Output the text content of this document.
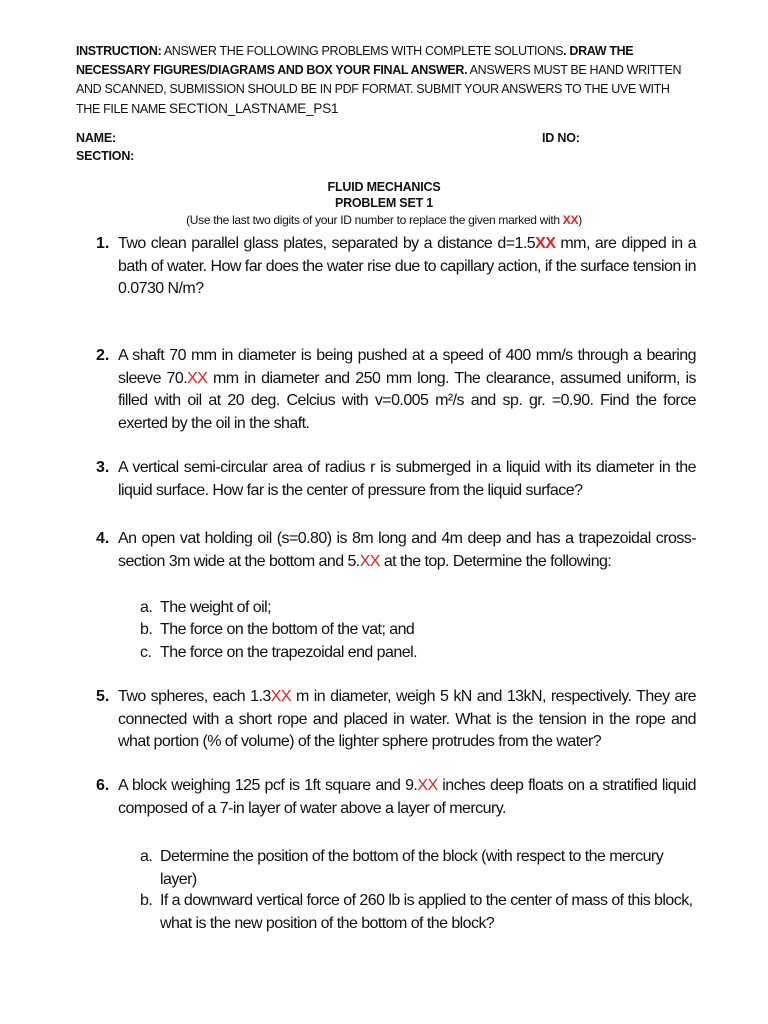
INSTRUCTION: ANSWER THE FOLLOWING PROBLEMS WITH COMPLETE SOLUTIONS. DRAW THE NECESSARY FIGURES/DIAGRAMS AND BOX YOUR FINAL ANSWER. ANSWERS MUST BE HAND WRITTEN AND SCANNED, SUBMISSION SHOULD BE IN PDF FORMAT. SUBMIT YOUR ANSWERS TO THE UVE WITH THE FILE NAME SECTION_LASTNAME_PS1
NAME:
SECTION:
ID NO:
FLUID MECHANICS
PROBLEM SET 1
(Use the last two digits of your ID number to replace the given marked with XX)
1. Two clean parallel glass plates, separated by a distance d=1.5XX mm, are dipped in a bath of water. How far does the water rise due to capillary action, if the surface tension in 0.0730 N/m?
2. A shaft 70 mm in diameter is being pushed at a speed of 400 mm/s through a bearing sleeve 70.XX mm in diameter and 250 mm long. The clearance, assumed uniform, is filled with oil at 20 deg. Celcius with v=0.005 m²/s and sp. gr. =0.90. Find the force exerted by the oil in the shaft.
3. A vertical semi-circular area of radius r is submerged in a liquid with its diameter in the liquid surface. How far is the center of pressure from the liquid surface?
4. An open vat holding oil (s=0.80) is 8m long and 4m deep and has a trapezoidal cross-section 3m wide at the bottom and 5.XX at the top. Determine the following:
a. The weight of oil;
b. The force on the bottom of the vat; and
c. The force on the trapezoidal end panel.
5. Two spheres, each 1.3XX m in diameter, weigh 5 kN and 13kN, respectively. They are connected with a short rope and placed in water. What is the tension in the rope and what portion (% of volume) of the lighter sphere protrudes from the water?
6. A block weighing 125 pcf is 1ft square and 9.XX inches deep floats on a stratified liquid composed of a 7-in layer of water above a layer of mercury.
a. Determine the position of the bottom of the block (with respect to the mercury layer)
b. If a downward vertical force of 260 lb is applied to the center of mass of this block, what is the new position of the bottom of the block?
